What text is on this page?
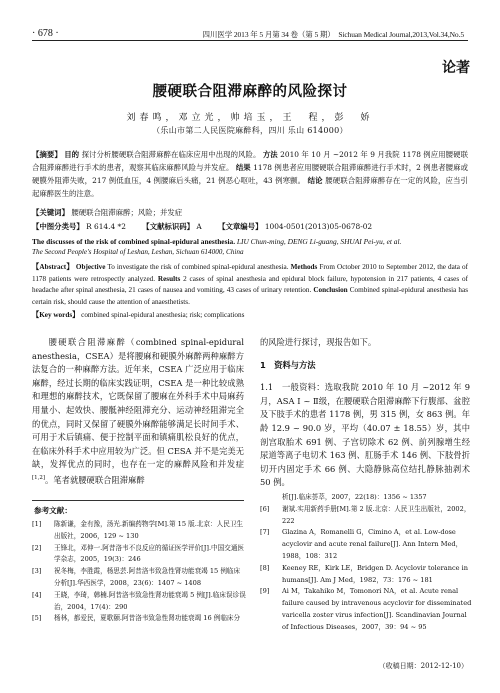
· 678 ·	四川医学 2013 年 5 月第 34 卷（第 5 期）　Sichuan Medical Journal,2013,Vol.34,No.5
论著
腰硬联合阻滞麻醉的风险探讨
刘春鸣，邓立光，帅培玉，王　程，彭　娇
（乐山市第二人民医院麻醉科，四川 乐山 614000）
【摘要】 目的 探讨分析腰硬联合阻滞麻醉在临床应用中出现的风险。 方法 2010 年 10 月 ~2012 年 9 月我院 1178 例应用腰硬联合阻滞麻醉进行手术的患者，观察其临床麻醉风险与并发症。 结果 1178 例患者应用腰硬联合阻滞麻醉进行手术时，2 例患者腰麻或硬膜外阻滞失败，217 例低血压，4 例腰麻后头痛，21 例恶心呕吐，43 例寒颤。 结论 腰硬联合阻滞麻醉存在一定的风险，应当引起麻醉医生的注意。
【关键词】 腰硬联合阻滞麻醉；风险；并发症
【中图分类号】 R 614.4 *2 【文献标识码】 A 【文章编号】 1004-0501(2013)05-0678-02
The discusses of the risk of combined spinal-epidural anesthesia. LIU Chun-ming, DENG Li-guang, SHUAI Pei-yu, et al.
The Second People's Hospital of Leshan, Leshan, Sichuan 614000, China
【Abstract】 Objective To investigate the risk of combined spinal-epidural anesthesia. Methods From October 2010 to September 2012, the data of 1178 patients were retrospectly analyzed. Results 2 cases of spinal anesthesia and epidural block failure, hypotension in 217 patients, 4 cases of headache after spinal anesthesia, 21 cases of nausea and vomiting, 43 cases of urinary retention. Conclusion Combined spinal-epidural anesthesia has certain risk, should cause the attention of anaesthetists.
【Key words】 combined spinal-epidural anesthesia; risk; complications
腰硬联合阻滞麻醉（combined spinal-epidural anesthesia，CSEA）是将腰麻和硬膜外麻醉两种麻醉方法复合的一种麻醉方法。近年来，CSEA 广泛应用于临床麻醉，经过长期的临床实践证明，CSEA 是一种比较成熟和理想的麻醉技术，它既保留了腰麻在外科手术中局麻药用量小、起效快、腰骶神经阻滞充分、运动神经阻滞完全的优点，同时又保留了硬膜外麻醉能够满足长时间手术、可用于术后镇痛、便于控制平面和镇痛肌松良好的优点，在临床外科手术中应用较为广泛。但 CESA 并不是完美无缺，发挥优点的同时，也存在一定的麻醉风险和并发症[1,2]。笔者就腰硬联合阻滞麻醉
的风险进行探讨，现报告如下。
1　资料与方法
1.1　一般资料：选取我院 2010 年 10 月 ~2012 年 9 月，ASA Ⅰ ~ Ⅱ级，在腰硬联合阻滞麻醉下行腹部、盆腔及下肢手术的患者 1178 例，男 315 例，女 863 例。年龄 12.9 ~ 90.0 岁，平均（40.07 ± 18.55）岁，其中剖宫取胎术 691 例、子宫切除术 62 例、前列腺增生经尿道等离子电切术 163 例、肛肠手术 146 例、下肢骨折切开内固定手术 66 例、大隐静脉高位结扎静脉抽剥术 50 例。
参考文献：
[1]	陈新谦，金有豫，汤光.新编药物学[M].第 15 版.北京：人民卫生出版社，2006，129 ~ 130
[2]	王锋北，邓伸一.阿昔洛韦不良反应的循证医学评价[J].中国交通医学杂志，2005，19(3)：246
[3]	祝冬梅，李胜霞，杨思芸.阿昔洛韦致急性肾功能衰竭 15 例临床分析[J].华西医学，2008，23(6)：1407 ~ 1408
[4]	王晓，李琦，韩楠.阿昔洛韦致急性肾功能衰竭 5 例[J].临床误诊误治，2004，17(4)：290
[5]	杨林，都爱民，夏歌颐.阿昔洛韦致急性肾功能衰竭 16 例临床分
析[J].临床荟萃，2007，22(18)：1356 ~ 1357
[6]	谢斌.实用新药手册[M].第 2 版.北京：人民卫生出版社，2002，222
[7]	Glazina A，Romanelli G，Cimino A，et al. Low-dose acyclovir and acute renal failure[J]. Ann Intern Med，1988，108：312
[8]	Keeney RE，Kirk LE，Bridgen D. Acyclovir tolerance in humans[J]. Am J Med，1982，73：176 ~ 181
[9]	Ai M，Takahiko M，Tomonori NA，et al. Acute renal failure caused by intravenous acyclovir for disseminated varicella zoster virus infection[J]. Scandinavian Journal of Infectious Diseases，2007，39：94 ~ 95
（收稿日期：2012-12-10）
